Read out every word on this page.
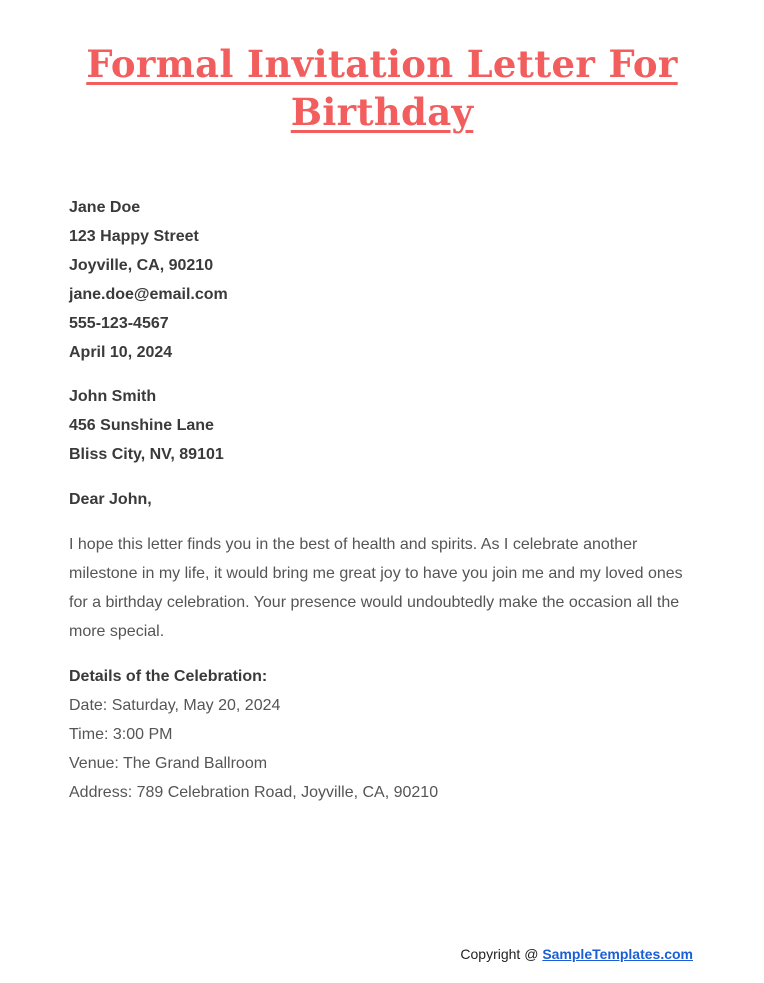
Formal Invitation Letter For Birthday
Jane Doe
123 Happy Street
Joyville, CA, 90210
jane.doe@email.com
555-123-4567
April 10, 2024
John Smith
456 Sunshine Lane
Bliss City, NV, 89101
Dear John,
I hope this letter finds you in the best of health and spirits. As I celebrate another milestone in my life, it would bring me great joy to have you join me and my loved ones for a birthday celebration. Your presence would undoubtedly make the occasion all the more special.
Details of the Celebration:
Date: Saturday, May 20, 2024
Time: 3:00 PM
Venue: The Grand Ballroom
Address: 789 Celebration Road, Joyville, CA, 90210
Copyright @ SampleTemplates.com
